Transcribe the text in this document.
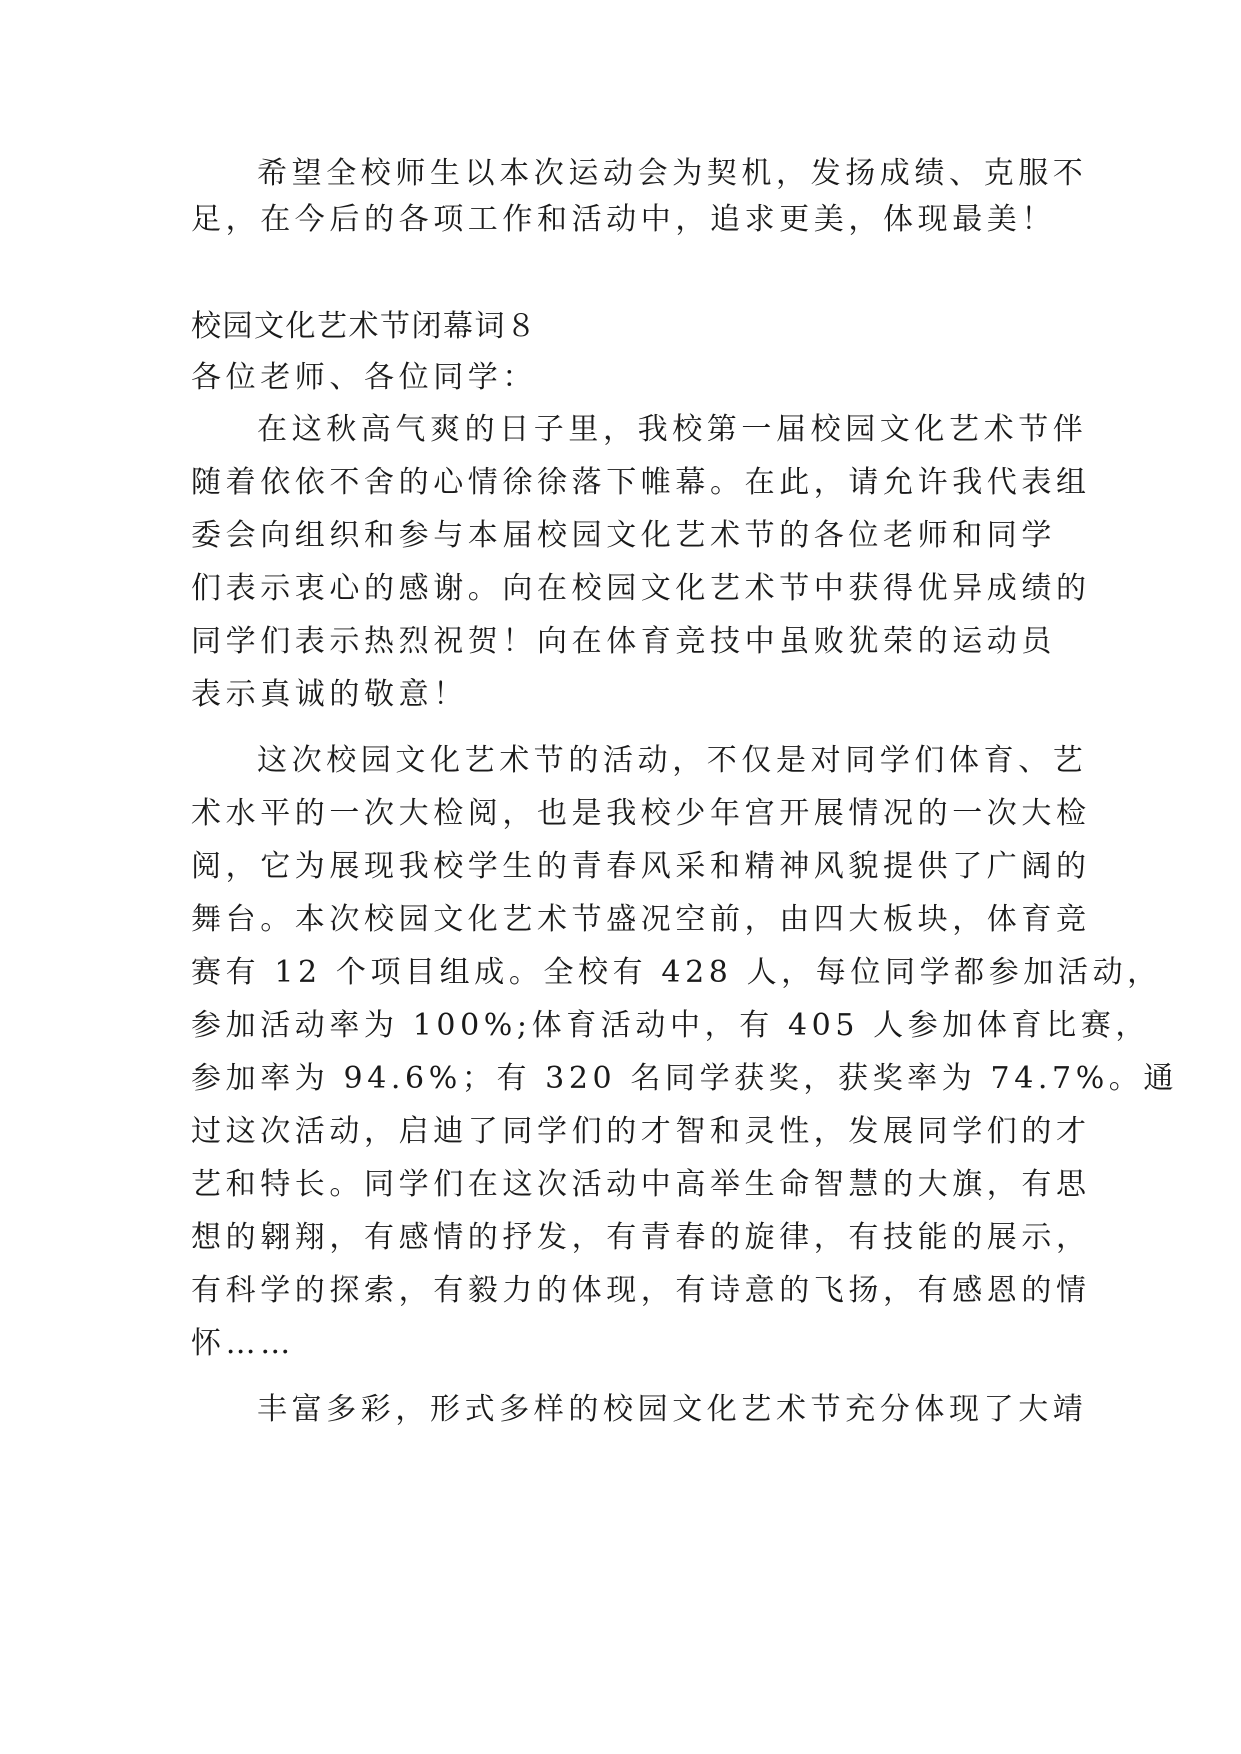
希望全校师生以本次运动会为契机，发扬成绩、克服不
足，在今后的各项工作和活动中，追求更美，体现最美！
校园文化艺术节闭幕词８
各位老师、各位同学：
在这秋高气爽的日子里，我校第一届校园文化艺术节伴
随着依依不舍的心情徐徐落下帷幕。在此，请允许我代表组
委会向组织和参与本届校园文化艺术节的各位老师和同学
们表示衷心的感谢。向在校园文化艺术节中获得优异成绩的
同学们表示热烈祝贺！向在体育竞技中虽败犹荣的运动员
表示真诚的敬意！
这次校园文化艺术节的活动，不仅是对同学们体育、艺
术水平的一次大检阅，也是我校少年宫开展情况的一次大检
阅，它为展现我校学生的青春风采和精神风貌提供了广阔的
舞台。本次校园文化艺术节盛况空前，由四大板块，体育竞
赛有 12 个项目组成。全校有 428 人，每位同学都参加活动，
参加活动率为 100%;体育活动中，有 405 人参加体育比赛，
参加率为 94.6%；有 320 名同学获奖，获奖率为 74.7%。通
过这次活动，启迪了同学们的才智和灵性，发展同学们的才
艺和特长。同学们在这次活动中高举生命智慧的大旗，有思
想的翱翔，有感情的抒发，有青春的旋律，有技能的展示，
有科学的探索，有毅力的体现，有诗意的飞扬，有感恩的情
怀……
丰富多彩，形式多样的校园文化艺术节充分体现了大靖
